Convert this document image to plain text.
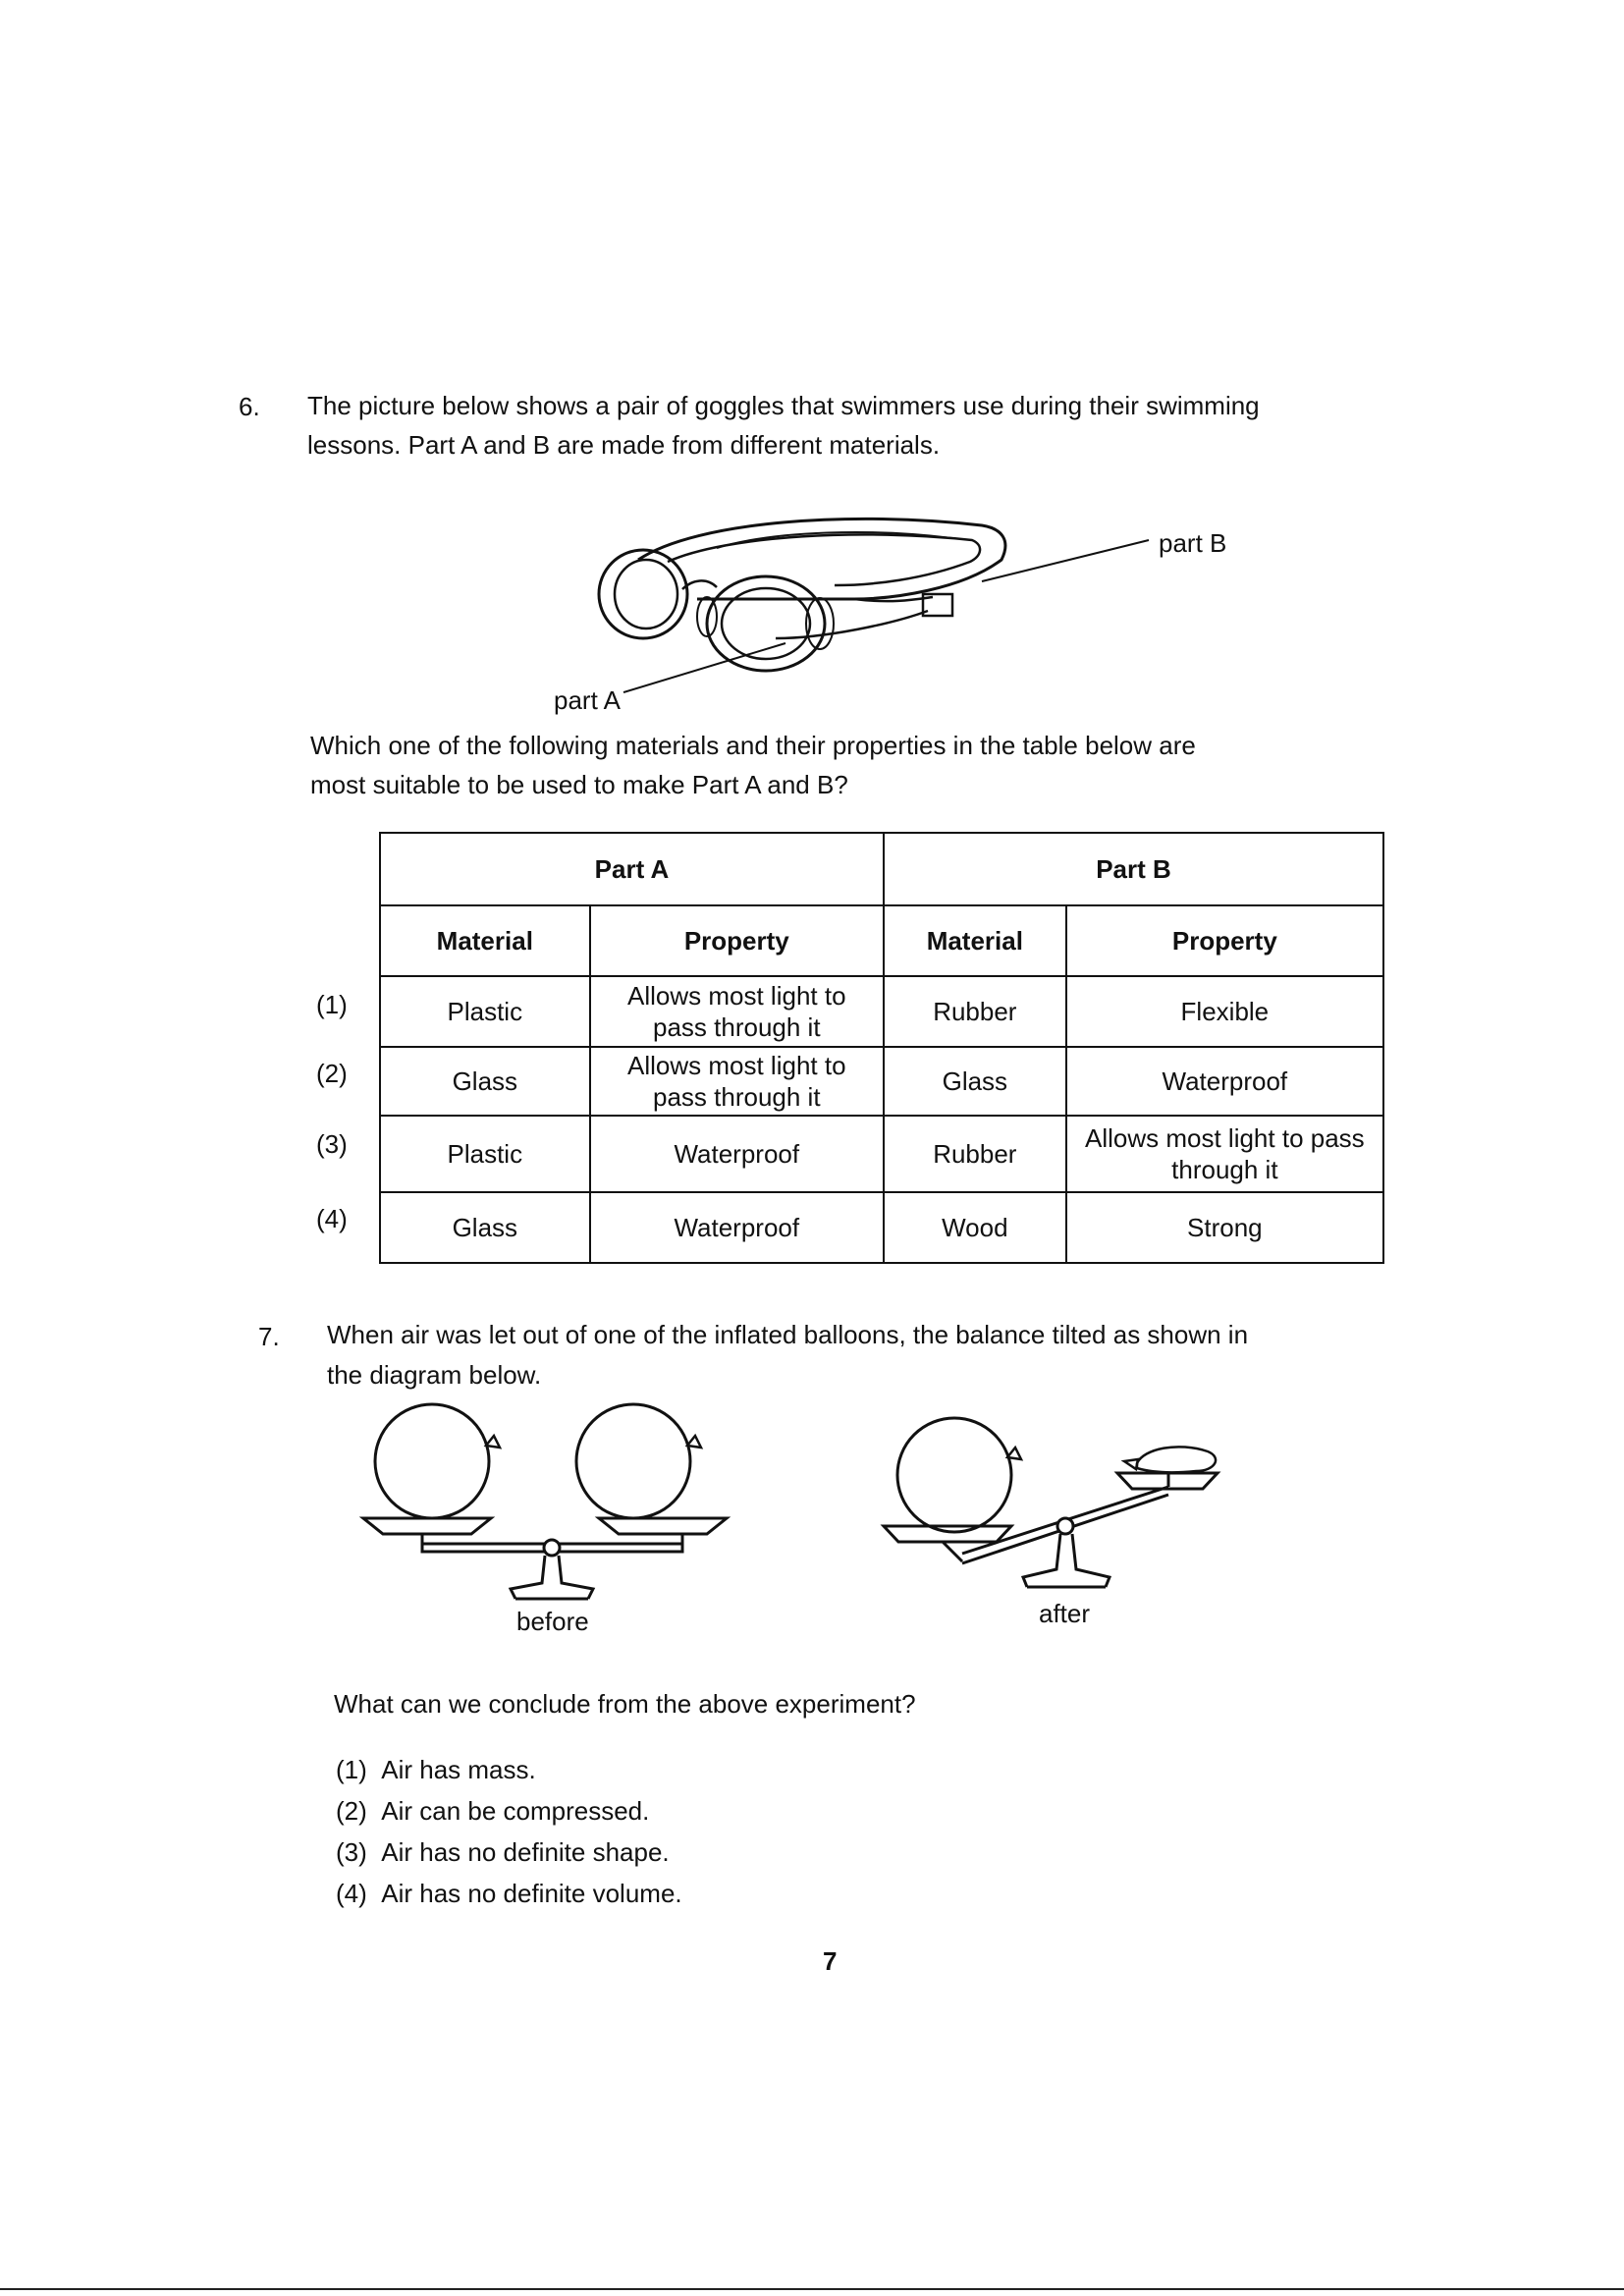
6. The picture below shows a pair of goggles that swimmers use during their swimming
lessons. Part A and B are made from different materials.
part B
part A
Which one of the following materials and their properties in the table below are
most suitable to be used to make Part A and B?
Part A		Part B	
Material	Property	Material	Property
Plastic	Allows most light to pass through it	Rubber	Flexible
Glass	Allows most light to pass through it	Glass	Waterproof
Plastic	Waterproof	Rubber	Allows most light to pass through it
Glass	Waterproof	Wood	Strong
(1)
(2)
(3)
(4)
7. When air was let out of one of the inflated balloons, the balance tilted as shown in
the diagram below.
before	after
What can we conclude from the above experiment?
(1) Air has mass.
(2) Air can be compressed.
(3) Air has no definite shape.
(4) Air has no definite volume.
7
